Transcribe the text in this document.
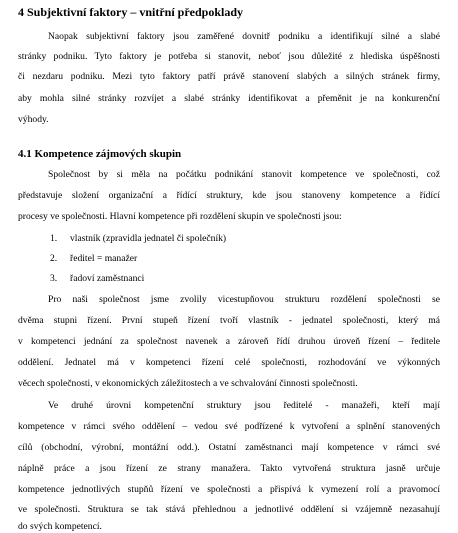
4 Subjektivní faktory – vnitřní předpoklady
Naopak subjektivní faktory jsou zaměřené dovnitř podniku a identifikují silné a slabé
stránky podniku. Tyto faktory je potřeba si stanovit, neboť jsou důležité z hlediska úspěšnosti
či nezdaru podniku. Mezi tyto faktory patří právě stanovení slabých a silných stránek firmy,
aby mohla silné stránky rozvíjet a slabé stránky identifikovat a přeměnit je na konkurenční
výhody.
4.1 Kompetence zájmových skupin
Společnost by si měla na počátku podnikání stanovit kompetence ve společnosti, což
představuje složení organizační a řídící struktury, kde jsou stanoveny kompetence a řídící
procesy ve společnosti. Hlavní kompetence při rozdělení skupin ve společnosti jsou:
1. vlastník (zpravidla jednatel či společník)
2. ředitel = manažer
3. řadoví zaměstnanci
Pro naši společnost jsme zvolily vicestupňovou strukturu rozdělení společnosti se
dvěma stupni řízení. První stupeň řízení tvoří vlastník - jednatel společnosti, který má
v kompetenci jednání za společnost navenek a zároveň řídí druhou úroveň řízení – ředitele
oddělení. Jednatel má v kompetenci řízení celé společnosti, rozhodování ve výkonných
věcech společnosti, v ekonomických záležitostech a ve schvalování činnosti společnosti.
Ve druhé úrovni kompetenční struktury jsou ředitelé - manažeři, kteří mají
kompetence v rámci svého oddělení – vedou své podřízené k vytvoření a splnění stanovených
cílů (obchodní, výrobní, montážní odd.). Ostatní zaměstnanci mají kompetence v rámci své
náplně práce a jsou řízení ze strany manažera. Takto vytvořená struktura jasně určuje
kompetence jednotlivých stupňů řízení ve společnosti a přispívá k vymezení rolí a pravomocí
ve společnosti. Struktura se tak stává přehlednou a jednotlivé oddělení si vzájemně nezasahují
do svých kompetencí.
